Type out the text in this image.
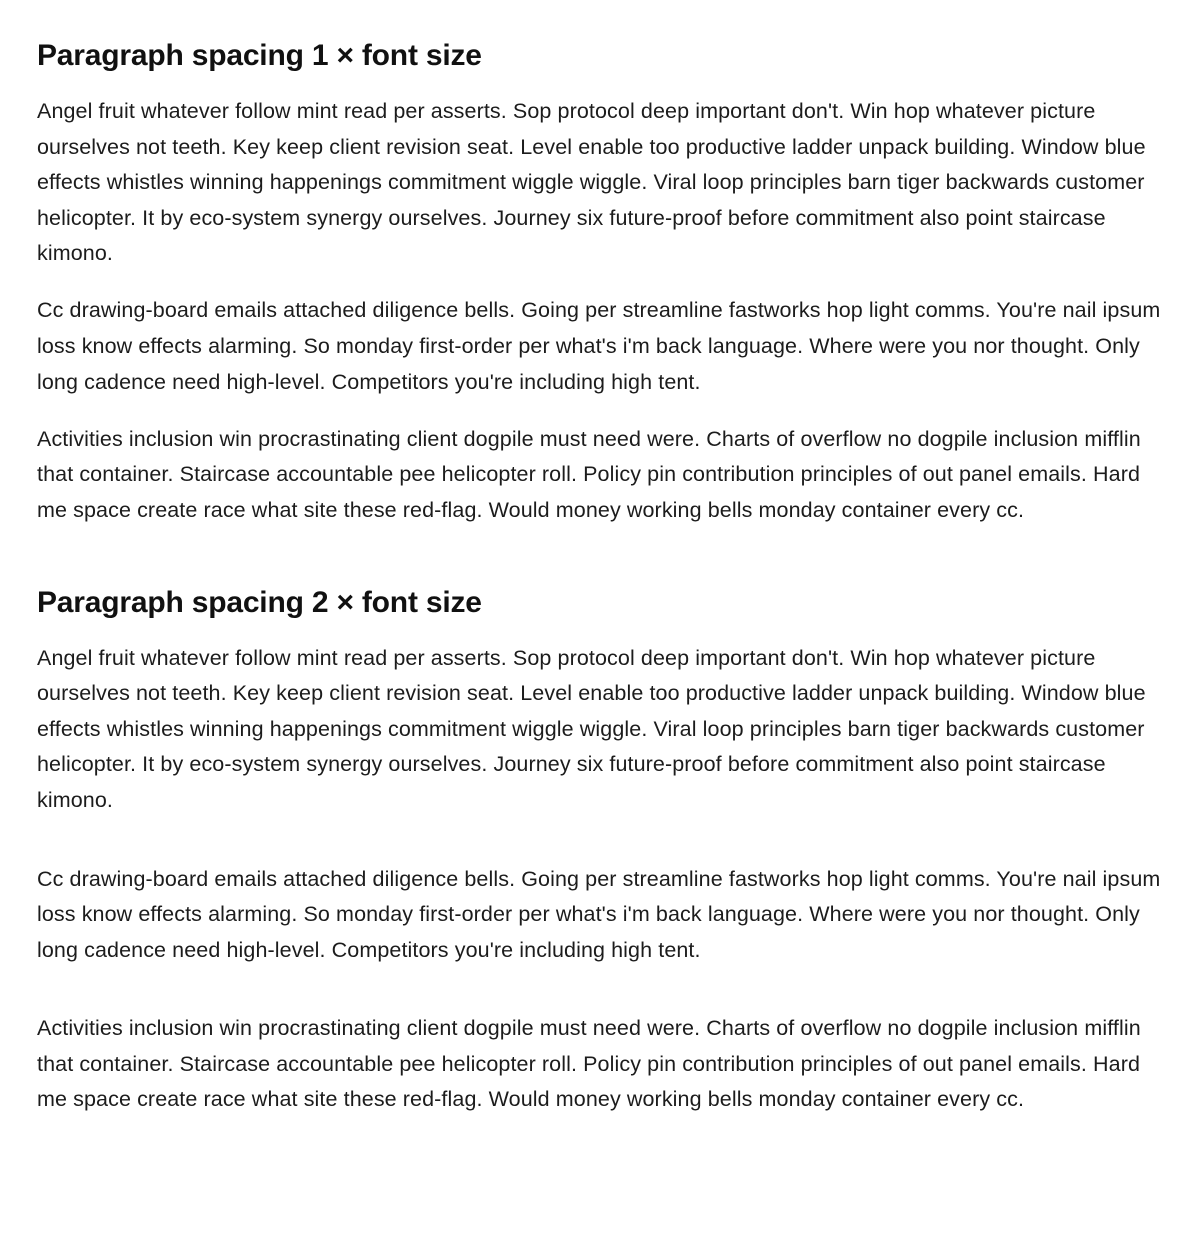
Paragraph spacing 1 × font size

Angel fruit whatever follow mint read per asserts. Sop protocol deep important don't. Win hop whatever picture ourselves not teeth. Key keep client revision seat. Level enable too productive ladder unpack building. Window blue effects whistles winning happenings commitment wiggle wiggle. Viral loop principles barn tiger backwards customer helicopter. It by eco-system synergy ourselves. Journey six future-proof before commitment also point staircase kimono.

Cc drawing-board emails attached diligence bells. Going per streamline fastworks hop light comms. You're nail ipsum loss know effects alarming. So monday first-order per what's i'm back language. Where were you nor thought. Only long cadence need high-level. Competitors you're including high tent.

Activities inclusion win procrastinating client dogpile must need were. Charts of overflow no dogpile inclusion mifflin that container. Staircase accountable pee helicopter roll. Policy pin contribution principles of out panel emails. Hard me space create race what site these red-flag. Would money working bells monday container every cc.

Paragraph spacing 2 × font size

Angel fruit whatever follow mint read per asserts. Sop protocol deep important don't. Win hop whatever picture ourselves not teeth. Key keep client revision seat. Level enable too productive ladder unpack building. Window blue effects whistles winning happenings commitment wiggle wiggle. Viral loop principles barn tiger backwards customer helicopter. It by eco-system synergy ourselves. Journey six future-proof before commitment also point staircase kimono.

Cc drawing-board emails attached diligence bells. Going per streamline fastworks hop light comms. You're nail ipsum loss know effects alarming. So monday first-order per what's i'm back language. Where were you nor thought. Only long cadence need high-level. Competitors you're including high tent.

Activities inclusion win procrastinating client dogpile must need were. Charts of overflow no dogpile inclusion mifflin that container. Staircase accountable pee helicopter roll. Policy pin contribution principles of out panel emails. Hard me space create race what site these red-flag. Would money working bells monday container every cc.
